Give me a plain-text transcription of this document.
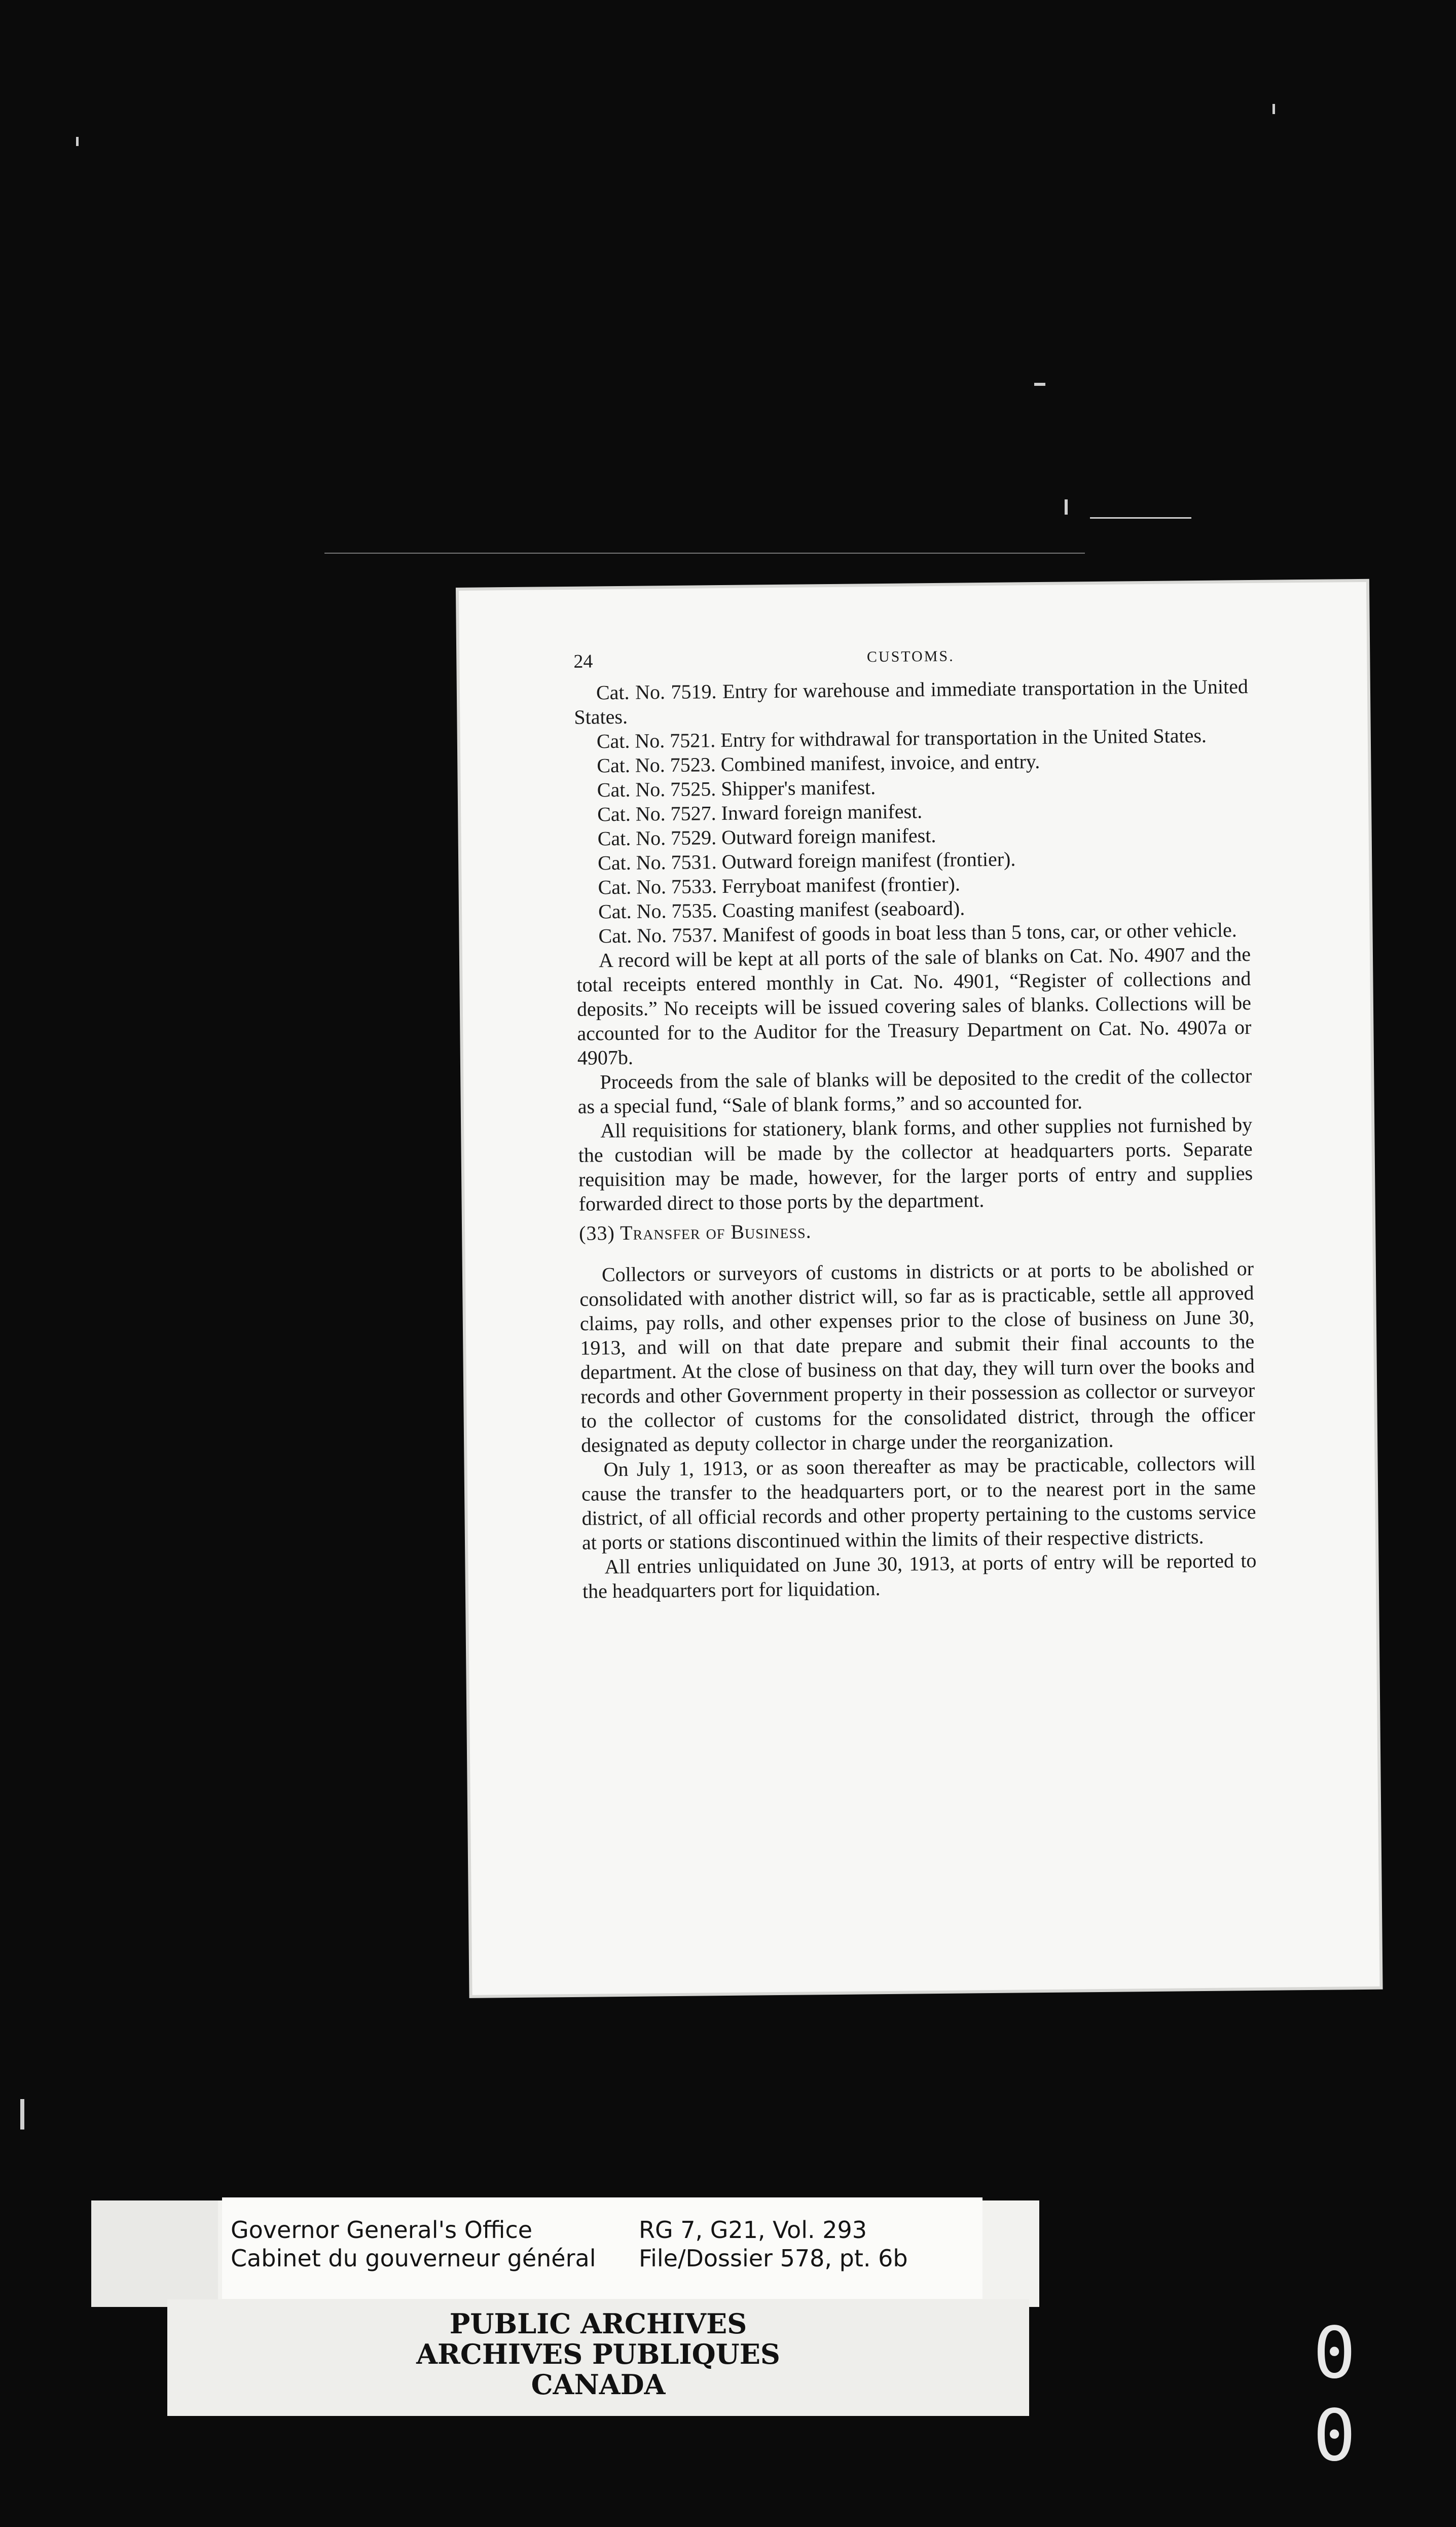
24	CUSTOMS.

Cat. No. 7519. Entry for warehouse and immediate transportation in the United States.

Cat. No. 7521. Entry for withdrawal for transportation in the United States.

Cat. No. 7523. Combined manifest, invoice, and entry.

Cat. No. 7525. Shipper's manifest.

Cat. No. 7527. Inward foreign manifest.

Cat. No. 7529. Outward foreign manifest.

Cat. No. 7531. Outward foreign manifest (frontier).

Cat. No. 7533. Ferryboat manifest (frontier).

Cat. No. 7535. Coasting manifest (seaboard).

Cat. No. 7537. Manifest of goods in boat less than 5 tons, car, or other vehicle.

A record will be kept at all ports of the sale of blanks on Cat. No. 4907 and the total receipts entered monthly in Cat. No. 4901, “Register of collections and deposits.” No receipts will be issued covering sales of blanks. Collections will be accounted for to the Auditor for the Treasury Department on Cat. No. 4907a or 4907b.

Proceeds from the sale of blanks will be deposited to the credit of the collector as a special fund, “Sale of blank forms,” and so accounted for.

All requisitions for stationery, blank forms, and other supplies not furnished by the custodian will be made by the collector at headquarters ports. Separate requisition may be made, however, for the larger ports of entry and supplies forwarded direct to those ports by the department.

(33) Transfer of Business.

Collectors or surveyors of customs in districts or at ports to be abolished or consolidated with another district will, so far as is practicable, settle all approved claims, pay rolls, and other expenses prior to the close of business on June 30, 1913, and will on that date prepare and submit their final accounts to the department. At the close of business on that day, they will turn over the books and records and other Government property in their possession as collector or surveyor to the collector of customs for the consolidated district, through the officer designated as deputy collector in charge under the reorganization.

On July 1, 1913, or as soon thereafter as may be practicable, collectors will cause the transfer to the headquarters port, or to the nearest port in the same district, of all official records and other property pertaining to the customs service at ports or stations discontinued within the limits of their respective districts.

All entries unliquidated on June 30, 1913, at ports of entry will be reported to the headquarters port for liquidation.

Governor General's Office
Cabinet du gouverneur général
RG 7, G21, Vol. 293
File/Dossier 578, pt. 6b
PUBLIC ARCHIVES
ARCHIVES PUBLIQUES
CANADA	0 0
